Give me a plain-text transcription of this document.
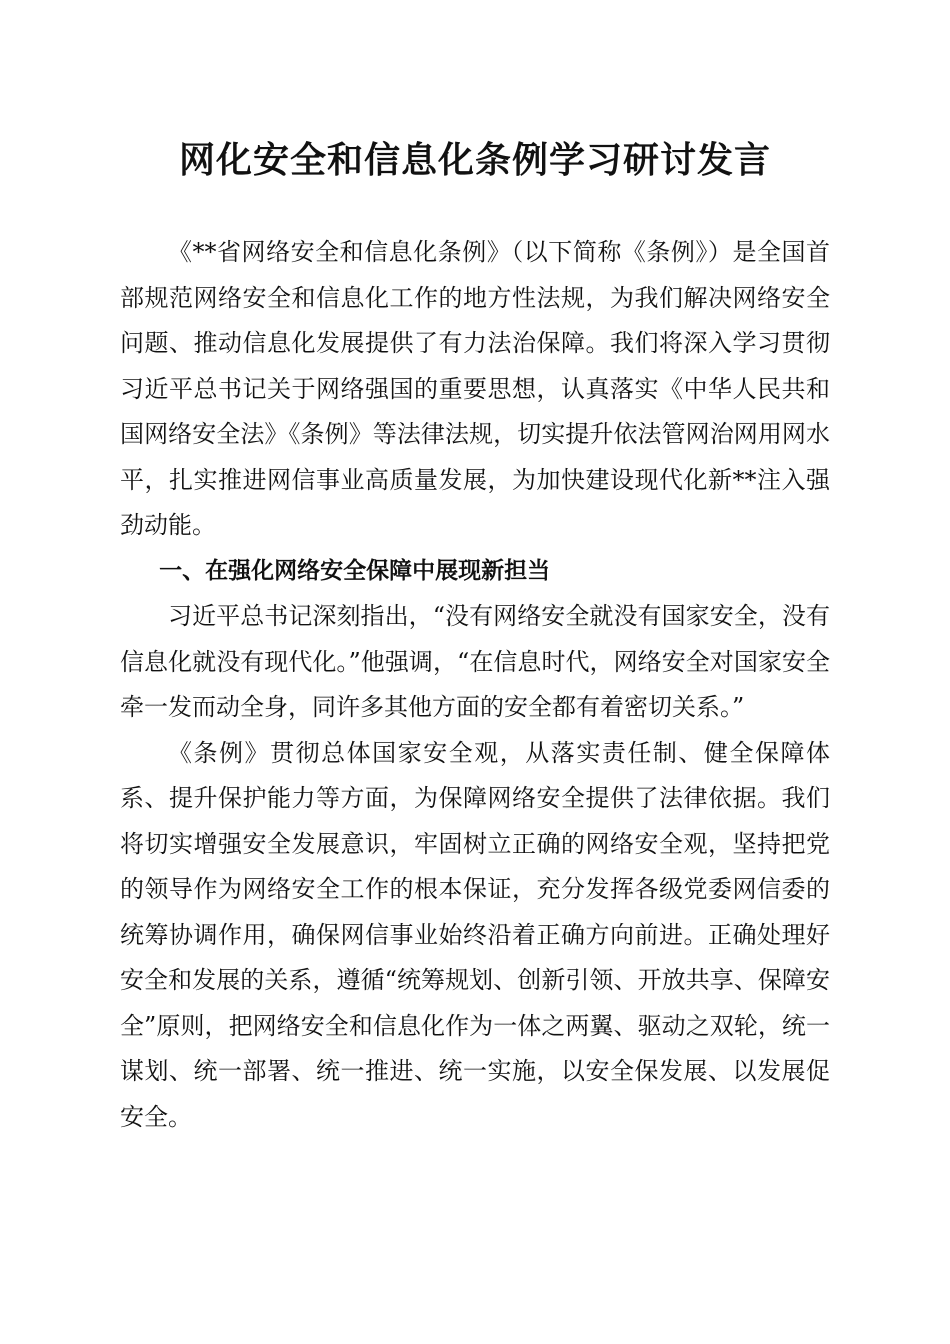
网化安全和信息化条例学习研讨发言

《**省网络安全和信息化条例》（以下简称《条例》）是全国首部规范网络安全和信息化工作的地方性法规，为我们解决网络安全问题、推动信息化发展提供了有力法治保障。我们将深入学习贯彻习近平总书记关于网络强国的重要思想，认真落实《中华人民共和国网络安全法》《条例》等法律法规，切实提升依法管网治网用网水平，扎实推进网信事业高质量发展，为加快建设现代化新**注入强劲动能。

一、在强化网络安全保障中展现新担当

习近平总书记深刻指出，“没有网络安全就没有国家安全，没有信息化就没有现代化。”他强调，“在信息时代，网络安全对国家安全牵一发而动全身，同许多其他方面的安全都有着密切关系。”

《条例》贯彻总体国家安全观，从落实责任制、健全保障体系、提升保护能力等方面，为保障网络安全提供了法律依据。我们将切实增强安全发展意识，牢固树立正确的网络安全观，坚持把党的领导作为网络安全工作的根本保证，充分发挥各级党委网信委的统筹协调作用，确保网信事业始终沿着正确方向前进。正确处理好安全和发展的关系，遵循“统筹规划、创新引领、开放共享、保障安全”原则，把网络安全和信息化作为一体之两翼、驱动之双轮，统一谋划、统一部署、统一推进、统一实施，以安全保发展、以发展促安全。
